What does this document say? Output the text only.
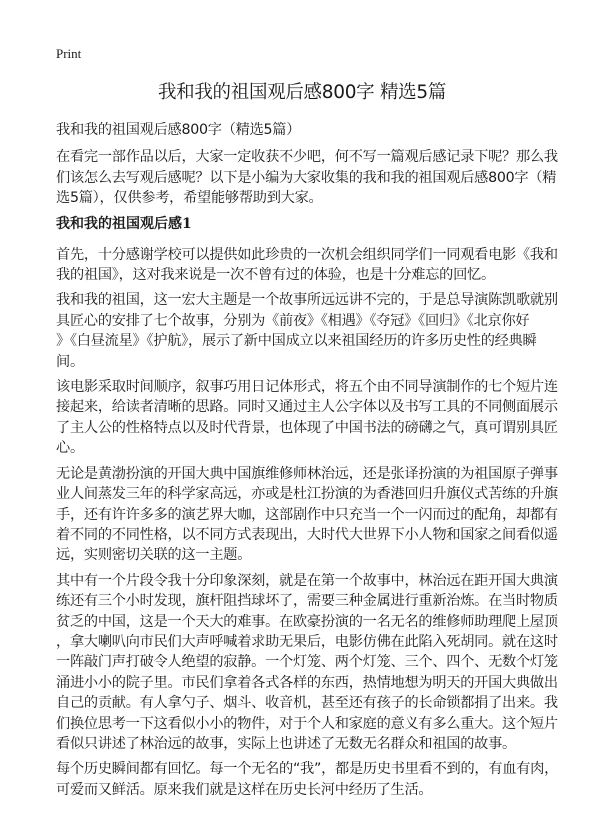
Print
我和我的祖国观后感800字 精选5篇
我和我的祖国观后感800字（精选5篇）
在看完一部作品以后，大家一定收获不少吧，何不写一篇观后感记录下呢？那么我
们该怎么去写观后感呢？以下是小编为大家收集的我和我的祖国观后感800字（精
选5篇），仅供参考，希望能够帮助到大家。
我和我的祖国观后感1
首先，十分感谢学校可以提供如此珍贵的一次机会组织同学们一同观看电影《我和
我的祖国》，这对我来说是一次不曾有过的体验，也是十分难忘的回忆。
我和我的祖国，这一宏大主题是一个故事所远远讲不完的，于是总导演陈凯歌就别
具匠心的安排了七个故事，分别为《前夜》《相遇》《夺冠》《回归》《北京你好
》《白昼流星》《护航》，展示了新中国成立以来祖国经历的许多历史性的经典瞬
间。
该电影采取时间顺序，叙事巧用日记体形式，将五个由不同导演制作的七个短片连
接起来，给读者清晰的思路。同时又通过主人公字体以及书写工具的不同侧面展示
了主人公的性格特点以及时代背景，也体现了中国书法的磅礴之气，真可谓别具匠
心。
无论是黄渤扮演的开国大典中国旗维修师林治远，还是张译扮演的为祖国原子弹事
业人间蒸发三年的科学家高远，亦或是杜江扮演的为香港回归升旗仪式苦练的升旗
手，还有许许多多的演艺界大咖，这部剧作中只充当一个一闪而过的配角，却都有
着不同的不同性格，以不同方式表现出，大时代大世界下小人物和国家之间看似遥
远，实则密切关联的这一主题。
其中有一个片段令我十分印象深刻，就是在第一个故事中，林治远在距开国大典演
练还有三个小时发现，旗杆阻挡球坏了，需要三种金属进行重新治炼。在当时物质
贫乏的中国，这是一个天大的难事。在欧豪扮演的一名无名的维修师助理爬上屋顶
，拿大喇叭向市民们大声呼喊着求助无果后，电影仿佛在此陷入死胡同。就在这时
一阵敲门声打破令人绝望的寂静。一个灯笼、两个灯笼、三个、四个、无数个灯笼
涌进小小的院子里。市民们拿着各式各样的东西，热情地想为明天的开国大典做出
自己的贡献。有人拿勺子、烟斗、收音机，甚至还有孩子的长命锁都捐了出来。我
们换位思考一下这看似小小的物件，对于个人和家庭的意义有多么重大。这个短片
看似只讲述了林治远的故事，实际上也讲述了无数无名群众和祖国的故事。
每个历史瞬间都有回忆。每一个无名的“我”，都是历史书里看不到的，有血有肉，
可爱而又鲜活。原来我们就是这样在历史长河中经历了生活。
